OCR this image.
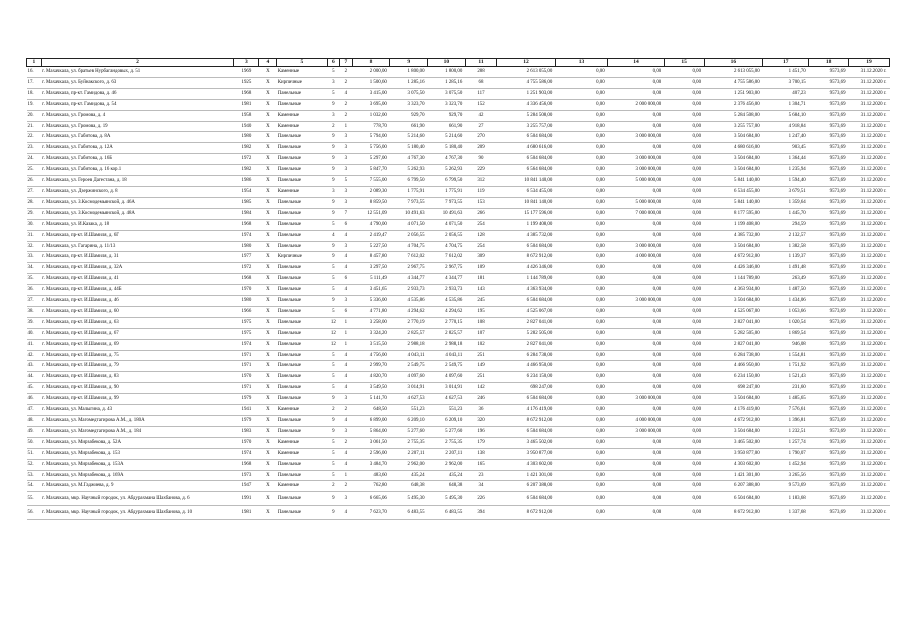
1	2	3	4	5	6	7	8	9	10	11	12	13	14	15	16	17	18	19
16.	г. Махачкала, ул. братьев Нурбагандовых, д. 51	1969	Х	Каменные	5	2	2 000,00	1 800,00	1 800,00	288	2 613 055,00	0,00	0,00	0,00	2 613 055,00	1 451,70	9573,69	31.12.2020 г.
17.	г. Махачкала, ул. Буйнакского, д. 63	1925	Х	Кирпичные	3	2	1 500,60	1 285,16	1 285,16	68	4 755 586,00	0,00	0,00	0,00	4 755 586,00	3 700,15	9573,69	31.12.2020 г.
18.	г. Махачкала, пр-кт. Гамидова, д. 46	1968	Х	Панельные	5	4	3 415,00	3 075,50	3 075,50	117	1 251 903,00	0,00	0,00	0,00	1 251 903,00	407,23	9573,69	31.12.2020 г.
19.	г. Махачкала, пр-кт. Гамидова, д. 54	1981	Х	Панельные	9	2	3 695,00	3 323,70	3 323,70	152	4 336 456,00	0,00	2 000 000,00	0,00	2 376 456,00	1 304,71	9573,69	31.12.2020 г.
20.	г. Махачкала, ул. Громова, д. 4	1958	Х	Каменные	3	2	1 032,00	929,70	929,70	42	5 284 508,00	0,00	0,00	0,00	5 284 508,00	5 684,10	9573,69	31.12.2020 г.
21.	г. Махачкала, ул. Громова, д. 19	1940	Х	Каменные	2	1	778,70	661,90	661,90	27	3 255 757,00	0,00	0,00	0,00	3 255 757,00	4 918,84	9573,69	31.12.2020 г.
22.	г. Махачкала, ул. Габитова, д. 8А	1980	Х	Панельные	9	3	5 794,00	5 214,60	5 214,60	270	6 504 684,00	0,00	3 000 000,00	0,00	3 504 684,00	1 247,40	9573,69	31.12.2020 г.
23.	г. Махачкала, ул. Габитова, д. 12А	1982	Х	Панельные	9	3	5 756,00	5 180,40	5 180,40	209	4 680 616,00	0,00	0,00	0,00	4 680 616,00	903,45	9573,69	31.12.2020 г.
24.	г. Махачкала, ул. Габитова, д. 16Б	1972	Х	Панельные	9	3	5 297,00	4 767,30	4 767,30	90	6 504 684,00	0,00	3 000 000,00	0,00	3 504 684,00	1 364,44	9573,69	31.12.2020 г.
25.	г. Махачкала, ул. Габитова, д. 16 кор.1	1982	Х	Панельные	9	3	5 847,70	5 262,93	5 262,93	229	6 564 684,00	0,00	3 000 000,00	0,00	3 504 684,00	1 235,94	9573,69	31.12.2020 г.
26.	г. Махачкала, ул. Героев Дагестана, д. 18	1986	Х	Панельные	9	5	7 555,00	6 799,50	6 799,50	312	10 841 140,00	0,00	5 000 000,00	0,00	5 841 140,00	1 594,40	9573,69	31.12.2020 г.
27.	г. Махачкала, ул. Дзержинского, д. 8	1954	Х	Каменные	3	3	2 089,30	1 775,91	1 775,91	119	6 534 455,00	0,00	0,00	0,00	6 534 455,00	3 679,51	9573,69	31.12.2020 г.
28.	г. Махачкала, ул. З.Космодемьянской, д. 46А	1985	Х	Панельные	9	3	8 859,50	7 973,55	7 973,55	153	10 841 140,00	0,00	5 000 000,00	0,00	5 841 140,00	1 359,64	9573,69	31.12.2020 г.
29.	г. Махачкала, ул. З.Космодемьянской, д. 48А	1984	Х	Панельные	9	7	12 551,09	10 491,63	10 491,63	266	15 177 596,00	0,00	7 000 000,00	0,00	8 177 595,00	1 445,70	9573,69	31.12.2020 г.
30.	г. Махачкала, ул. И.Казака, д. 18	1968	Х	Панельные	5	6	4 790,00	4 071,50	4 071,50	254	1 199 408,00	0,00	0,00	0,00	1 199 408,00	294,59	9573,69	31.12.2020 г.
31.	г. Махачкала, пр-кт. И.Шамиля, д. 6Г	1974	Х	Панельные	4	4	2 419,47	2 056,55	2 056,55	128	4 385 732,00	0,00	0,00	0,00	4 385 732,00	2 132,57	9573,69	31.12.2020 г.
32.	г. Махачкала, ул. Гагарина, д. 11/13	1980	Х	Панельные	9	3	5 227,50	4 704,75	4 704,75	254	6 504 684,00	0,00	3 000 000,00	0,00	3 504 684,00	1 382,58	9573,69	31.12.2020 г.
33.	г. Махачкала, пр-кт. И.Шамиля, д. 31	1977	Х	Кирпичные	9	4	8 457,80	7 612,02	7 612,02	309	8 672 912,00	0,00	4 000 000,00	0,00	4 672 912,00	1 139,37	9573,69	31.12.2020 г.
34.	г. Махачкала, пр-кт. И.Шамиля, д. 32А	1972	Х	Панельные	5	4	3 297,50	2 967,75	2 967,75	109	4 426 346,00	0,00	0,00	0,00	4 426 346,00	1 491,48	9573,69	31.12.2020 г.
35.	г. Махачкала, пр-кт. И.Шамиля, д. 41	1968	Х	Панельные	5	6	5 111,49	4 344,77	4 344,77	181	1 144 789,00	0,00	0,00	0,00	1 144 789,00	263,49	9573,69	31.12.2020 г.
36.	г. Махачкала, пр-кт. И.Шамиля, д. 44Б	1970	Х	Панельные	5	4	3 451,65	2 933,73	2 933,73	143	4 363 934,00	0,00	0,00	0,00	4 363 934,00	1 487,50	9573,69	31.12.2020 г.
37.	г. Махачкала, пр-кт. И.Шамиля, д. 46	1980	Х	Панельные	9	3	5 336,00	4 535,86	4 535,86	245	6 504 684,00	0,00	3 000 000,00	0,00	3 504 684,00	1 434,06	9573,69	31.12.2020 г.
38.	г. Махачкала, пр-кт. И.Шамиля, д. 60	1966	Х	Панельные	5	6	4 771,80	4 294,62	4 294,62	195	4 525 067,00	0,00	0,00	0,00	4 525 067,00	1 053,66	9573,69	31.12.2020 г.
39.	г. Махачкала, пр-кт. И.Шамиля, д. 63	1975	Х	Панельные	12	1	3 258,00	2 770,19	2 770,15	108	2 827 041,00	0,00	0,00	0,00	2 827 041,00	1 020,54	9573,69	31.12.2020 г.
40.	г. Махачкала, пр-кт. И.Шамиля, д. 67	1975	Х	Панельные	12	1	3 324,20	2 825,57	2 825,57	107	5 282 505,00	0,00	0,00	0,00	5 282 505,00	1 869,54	9573,69	31.12.2020 г.
41.	г. Махачкала, пр-кт. И.Шамиля, д. 69	1974	Х	Панельные	12	1	3 515,50	2 988,18	2 988,18	102	2 827 041,00	0,00	0,00	0,00	2 827 041,00	946,08	9573,69	31.12.2020 г.
42.	г. Махачкала, пр-кт. И.Шамиля, д. 75	1971	Х	Панельные	5	4	4 756,00	4 043,11	4 043,11	251	6 284 738,00	0,00	0,00	0,00	6 284 738,00	1 554,81	9573,69	31.12.2020 г.
43.	г. Махачкала, пр-кт. И.Шамиля, д. 79	1971	Х	Панельные	5	4	2 999,70	2 549,75	2 549,75	149	4 466 950,00	0,00	0,00	0,00	4 466 950,00	1 751,92	9573,69	31.12.2020 г.
44.	г. Махачкала, пр-кт. И.Шамиля, д. 83	1970	Х	Панельные	5	4	4 820,70	4 097,60	4 097,60	251	6 234 150,00	0,00	0,00	0,00	6 234 150,00	1 521,43	9573,69	31.12.2020 г.
45.	г. Махачкала, пр-кт. И.Шамиля, д. 90	1971	Х	Панельные	5	4	3 549,50	3 014,91	3 014,91	142	698 247,00	0,00	0,00	0,00	698 247,00	231,60	9573,69	31.12.2020 г.
46.	г. Махачкала, пр-кт. И.Шамиля, д. 99	1979	Х	Панельные	9	3	5 141,70	4 627,53	4 627,53	246	6 504 684,00	0,00	3 000 000,00	0,00	3 504 684,00	1 485,65	9573,69	31.12.2020 г.
47.	г. Махачкала, ул. Малыгина, д. 43	1941	Х	Каменные	2	2	648,50	551,23	551,23	36	4 176 419,00	0,00	0,00	0,00	4 176 419,00	7 576,61	9573,69	31.12.2020 г.
48.	г. Махачкала, ул. Магомедтагирова А.М., д. 180А	1979	Х	Панельные	9	4	6 899,00	6 209,10	6 209,10	320	8 672 912,00	0,00	4 000 000,00	0,00	4 672 912,00	1 396,81	9573,69	31.12.2020 г.
49.	г. Махачкала, ул. Магомедтагирова А.М., д. 184	1983	Х	Панельные	9	3	5 864,00	5 277,60	5 277,60	196	6 504 684,00	0,00	3 000 000,00	0,00	3 504 684,00	1 232,51	9573,69	31.12.2020 г.
50.	г. Махачкала, ул. Мирзабекова, д. 52А	1970	Х	Каменные	5	2	3 061,50	2 755,35	2 755,35	179	3 465 502,00	0,00	0,00	0,00	3 465 502,00	1 257,74	9573,69	31.12.2020 г.
51.	г. Махачкала, ул. Мирзабекова, д. 153	1974	Х	Каменные	5	4	2 596,00	2 207,11	2 207,11	138	3 950 877,00	0,00	0,00	0,00	3 950 877,00	1 790,07	9573,69	31.12.2020 г.
52.	г. Махачкала, ул. Мирзабекова, д. 153А	1968	Х	Панельные	5	4	3 484,70	2 962,00	2 962,00	165	4 303 602,00	0,00	0,00	0,00	4 303 602,00	1 452,94	9573,69	31.12.2020 г.
53.	г. Махачкала, ул. Мирзабекова, д. 169А	1973	Х	Панельные	5	1	483,60	435,24	435,24	23	1 421 301,00	0,00	0,00	0,00	1 421 301,00	3 265,56	9573,69	31.12.2020 г.
54.	г. Махачкала, ул. М.Гаджиева, д. 9	1947	Х	Каменные	2	2	762,80	648,38	648,38	34	6 207 388,00	0,00	0,00	0,00	6 207 388,00	9 573,69	9573,69	31.12.2020 г.
55.	г. Махачкала, мкр. Научный городок, ул. Абдурахмана Шахбанова, д. 6	1991	Х	Панельные	9	3	6 665,06	5 495,30	5 495,30	226	6 504 684,00	0,00	0,00	0,00	6 504 684,00	1 183,68	9573,69	31.12.2020 г.
56.	г. Махачкала, мкр. Научный городок, ул. Абдурахмана Шахбанова, д. 10	1981	Х	Панельные	9	4	7 623,70	6 483,55	6 483,55	394	8 672 912,00	0,00	0,00	0,00	8 672 912,00	1 337,68	9573,69	31.12.2020 г.
